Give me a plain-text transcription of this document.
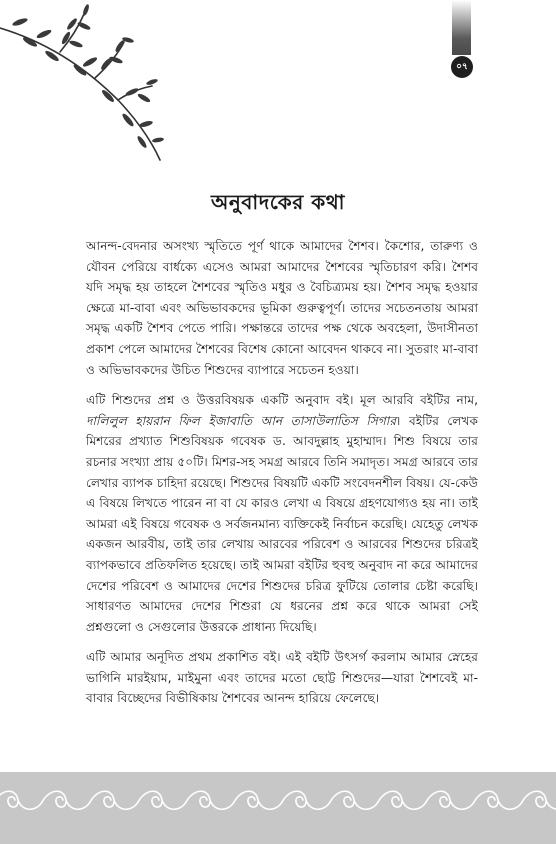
০৭
অনুবাদকের কথা

আনন্দ-বেদনার অসংখ্য স্মৃতিতে পূর্ণ থাকে আমাদের শৈশব। কৈশোর, তারুণ্য ও যৌবন পেরিয়ে বার্ধক্যে এসেও আমরা আমাদের শৈশবের স্মৃতিচারণ করি। শৈশব যদি সমৃদ্ধ হয় তাহলে শৈশবের স্মৃতিও মধুর ও বৈচিত্র্যময় হয়। শৈশব সমৃদ্ধ হওয়ার ক্ষেত্রে মা-বাবা এবং অভিভাবকদের ভূমিকা গুরুত্বপূর্ণ। তাদের সচেতনতায় আমরা সমৃদ্ধ একটি শৈশব পেতে পারি। পক্ষান্তরে তাদের পক্ষ থেকে অবহেলা, উদাসীনতা প্রকাশ পেলে আমাদের শৈশবের বিশেষ কোনো আবেদন থাকবে না। সুতরাং মা-বাবা ও অভিভাবকদের উচিত শিশুদের ব্যাপারে সচেতন হওয়া।

এটি শিশুদের প্রশ্ন ও উত্তরবিষয়ক একটি অনুবাদ বই। মূল আরবি বইটির নাম, দালিলুল হায়রান ফিল ইজাবাতি আন তাসাউলাতিস সিগার। বইটির লেখক মিশরের প্রখ্যাত শিশুবিষয়ক গবেষক ড. আবদুল্লাহ মুহাম্মাদ। শিশু বিষয়ে তার রচনার সংখ্যা প্রায় ৫০টি। মিশর-সহ সমগ্র আরবে তিনি সমাদৃত। সমগ্র আরবে তার লেখার ব্যাপক চাহিদা রয়েছে। শিশুদের বিষয়টি একটি সংবেদনশীল বিষয়। যে-কেউ এ বিষয়ে লিখতে পারেন না বা যে কারও লেখা এ বিষয়ে গ্রহণযোগ্যও হয় না। তাই আমরা এই বিষয়ে গবেষক ও সর্বজনমান্য ব্যক্তিকেই নির্বাচন করেছি। যেহেতু লেখক একজন আরবীয়, তাই তার লেখায় আরবের পরিবেশ ও আরবের শিশুদের চরিত্রই ব্যাপকভাবে প্রতিফলিত হয়েছে। তাই আমরা বইটির হুবহু অনুবাদ না করে আমাদের দেশের পরিবেশ ও আমাদের দেশের শিশুদের চরিত্র ফুটিয়ে তোলার চেষ্টা করেছি। সাধারণত আমাদের দেশের শিশুরা যে ধরনের প্রশ্ন করে থাকে আমরা সেই প্রশ্নগুলো ও সেগুলোর উত্তরকে প্রাধান্য দিয়েছি।

এটি আমার অনূদিত প্রথম প্রকাশিত বই। এই বইটি উৎসর্গ করলাম আমার স্নেহের ভাগিনি মারইয়াম, মাইমুনা এবং তাদের মতো ছোট্ট শিশুদের—যারা শৈশবেই মা-বাবার বিচ্ছেদের বিভীষিকায় শৈশবের আনন্দ হারিয়ে ফেলেছে।
